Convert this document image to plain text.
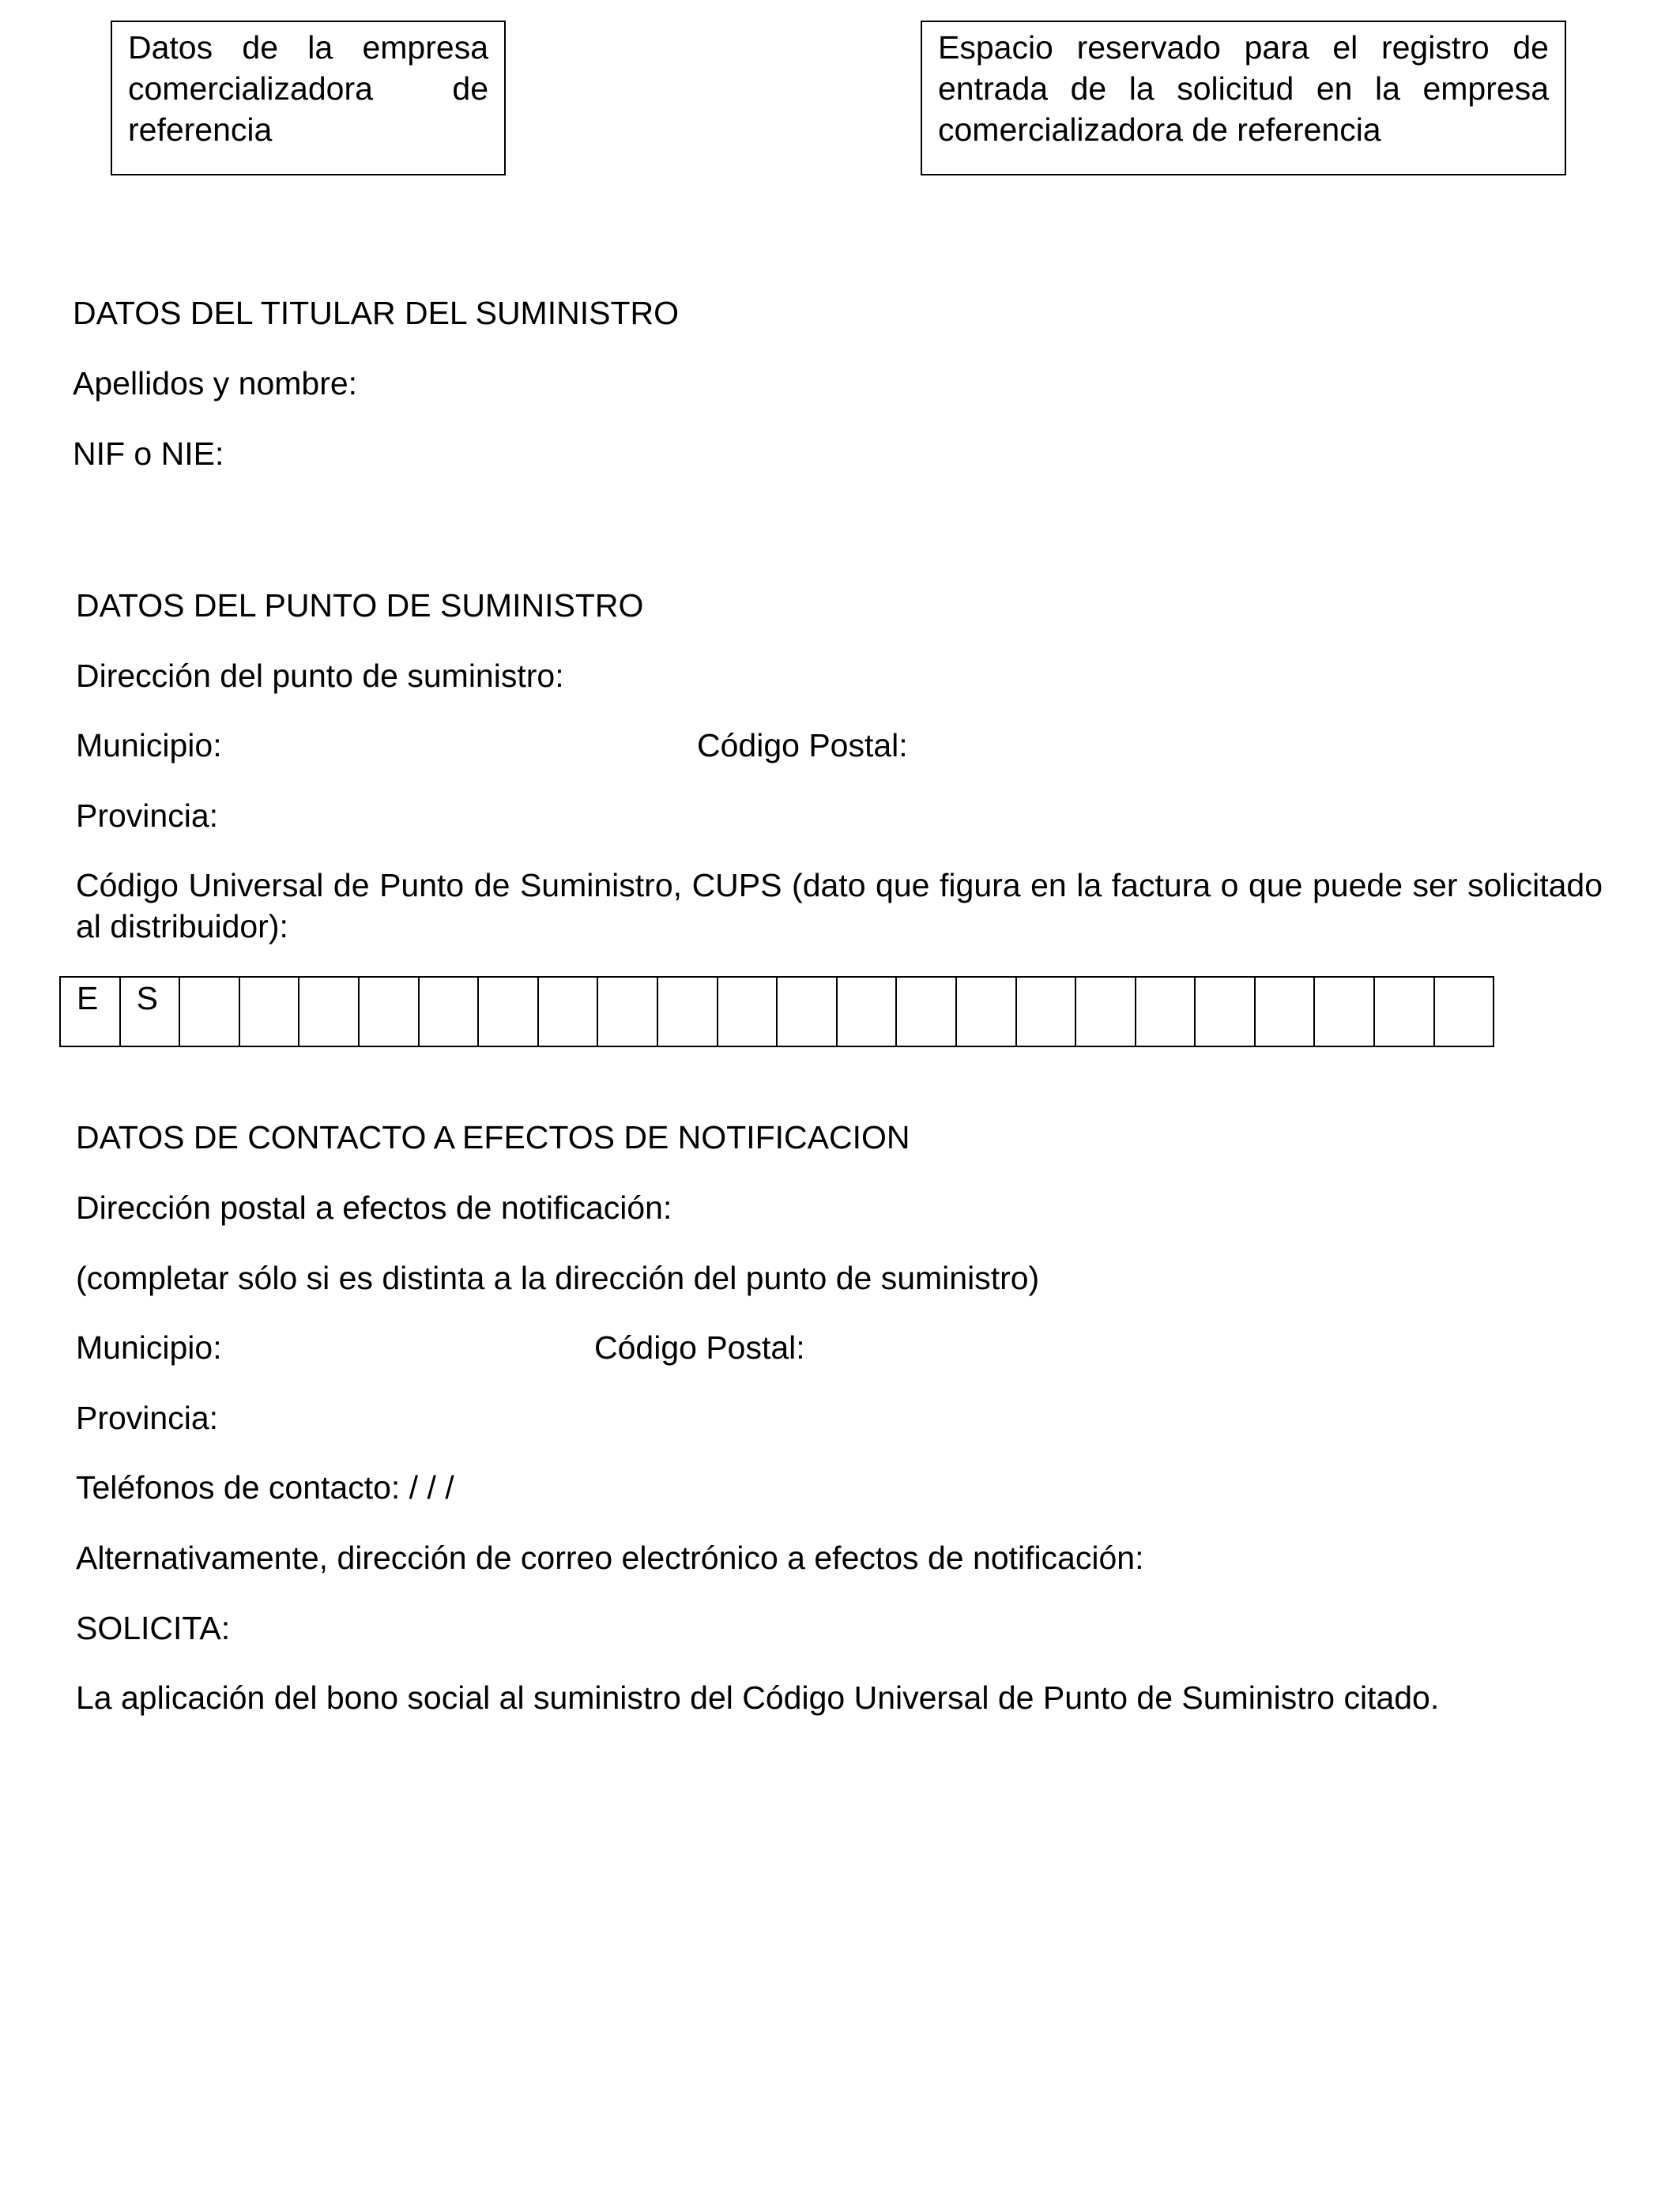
Datos de la empresa comercializadora de referencia
Espacio reservado para el registro de entrada de la solicitud en la empresa comercializadora de referencia
DATOS DEL TITULAR DEL SUMINISTRO
Apellidos y nombre:
NIF o NIE:
DATOS DEL PUNTO DE SUMINISTRO
Dirección del punto de suministro:
Municipio:	Código Postal:
Provincia:
Código Universal de Punto de Suministro, CUPS (dato que figura en la factura o que puede ser solicitado al distribuidor):
E	S																						
DATOS DE CONTACTO A EFECTOS DE NOTIFICACION
Dirección postal a efectos de notificación:
(completar sólo si es distinta a la dirección del punto de suministro)
Municipio:	Código Postal:
Provincia:
Teléfonos de contacto: / / /
Alternativamente, dirección de correo electrónico a efectos de notificación:
SOLICITA:
La aplicación del bono social al suministro del Código Universal de Punto de Suministro citado.
